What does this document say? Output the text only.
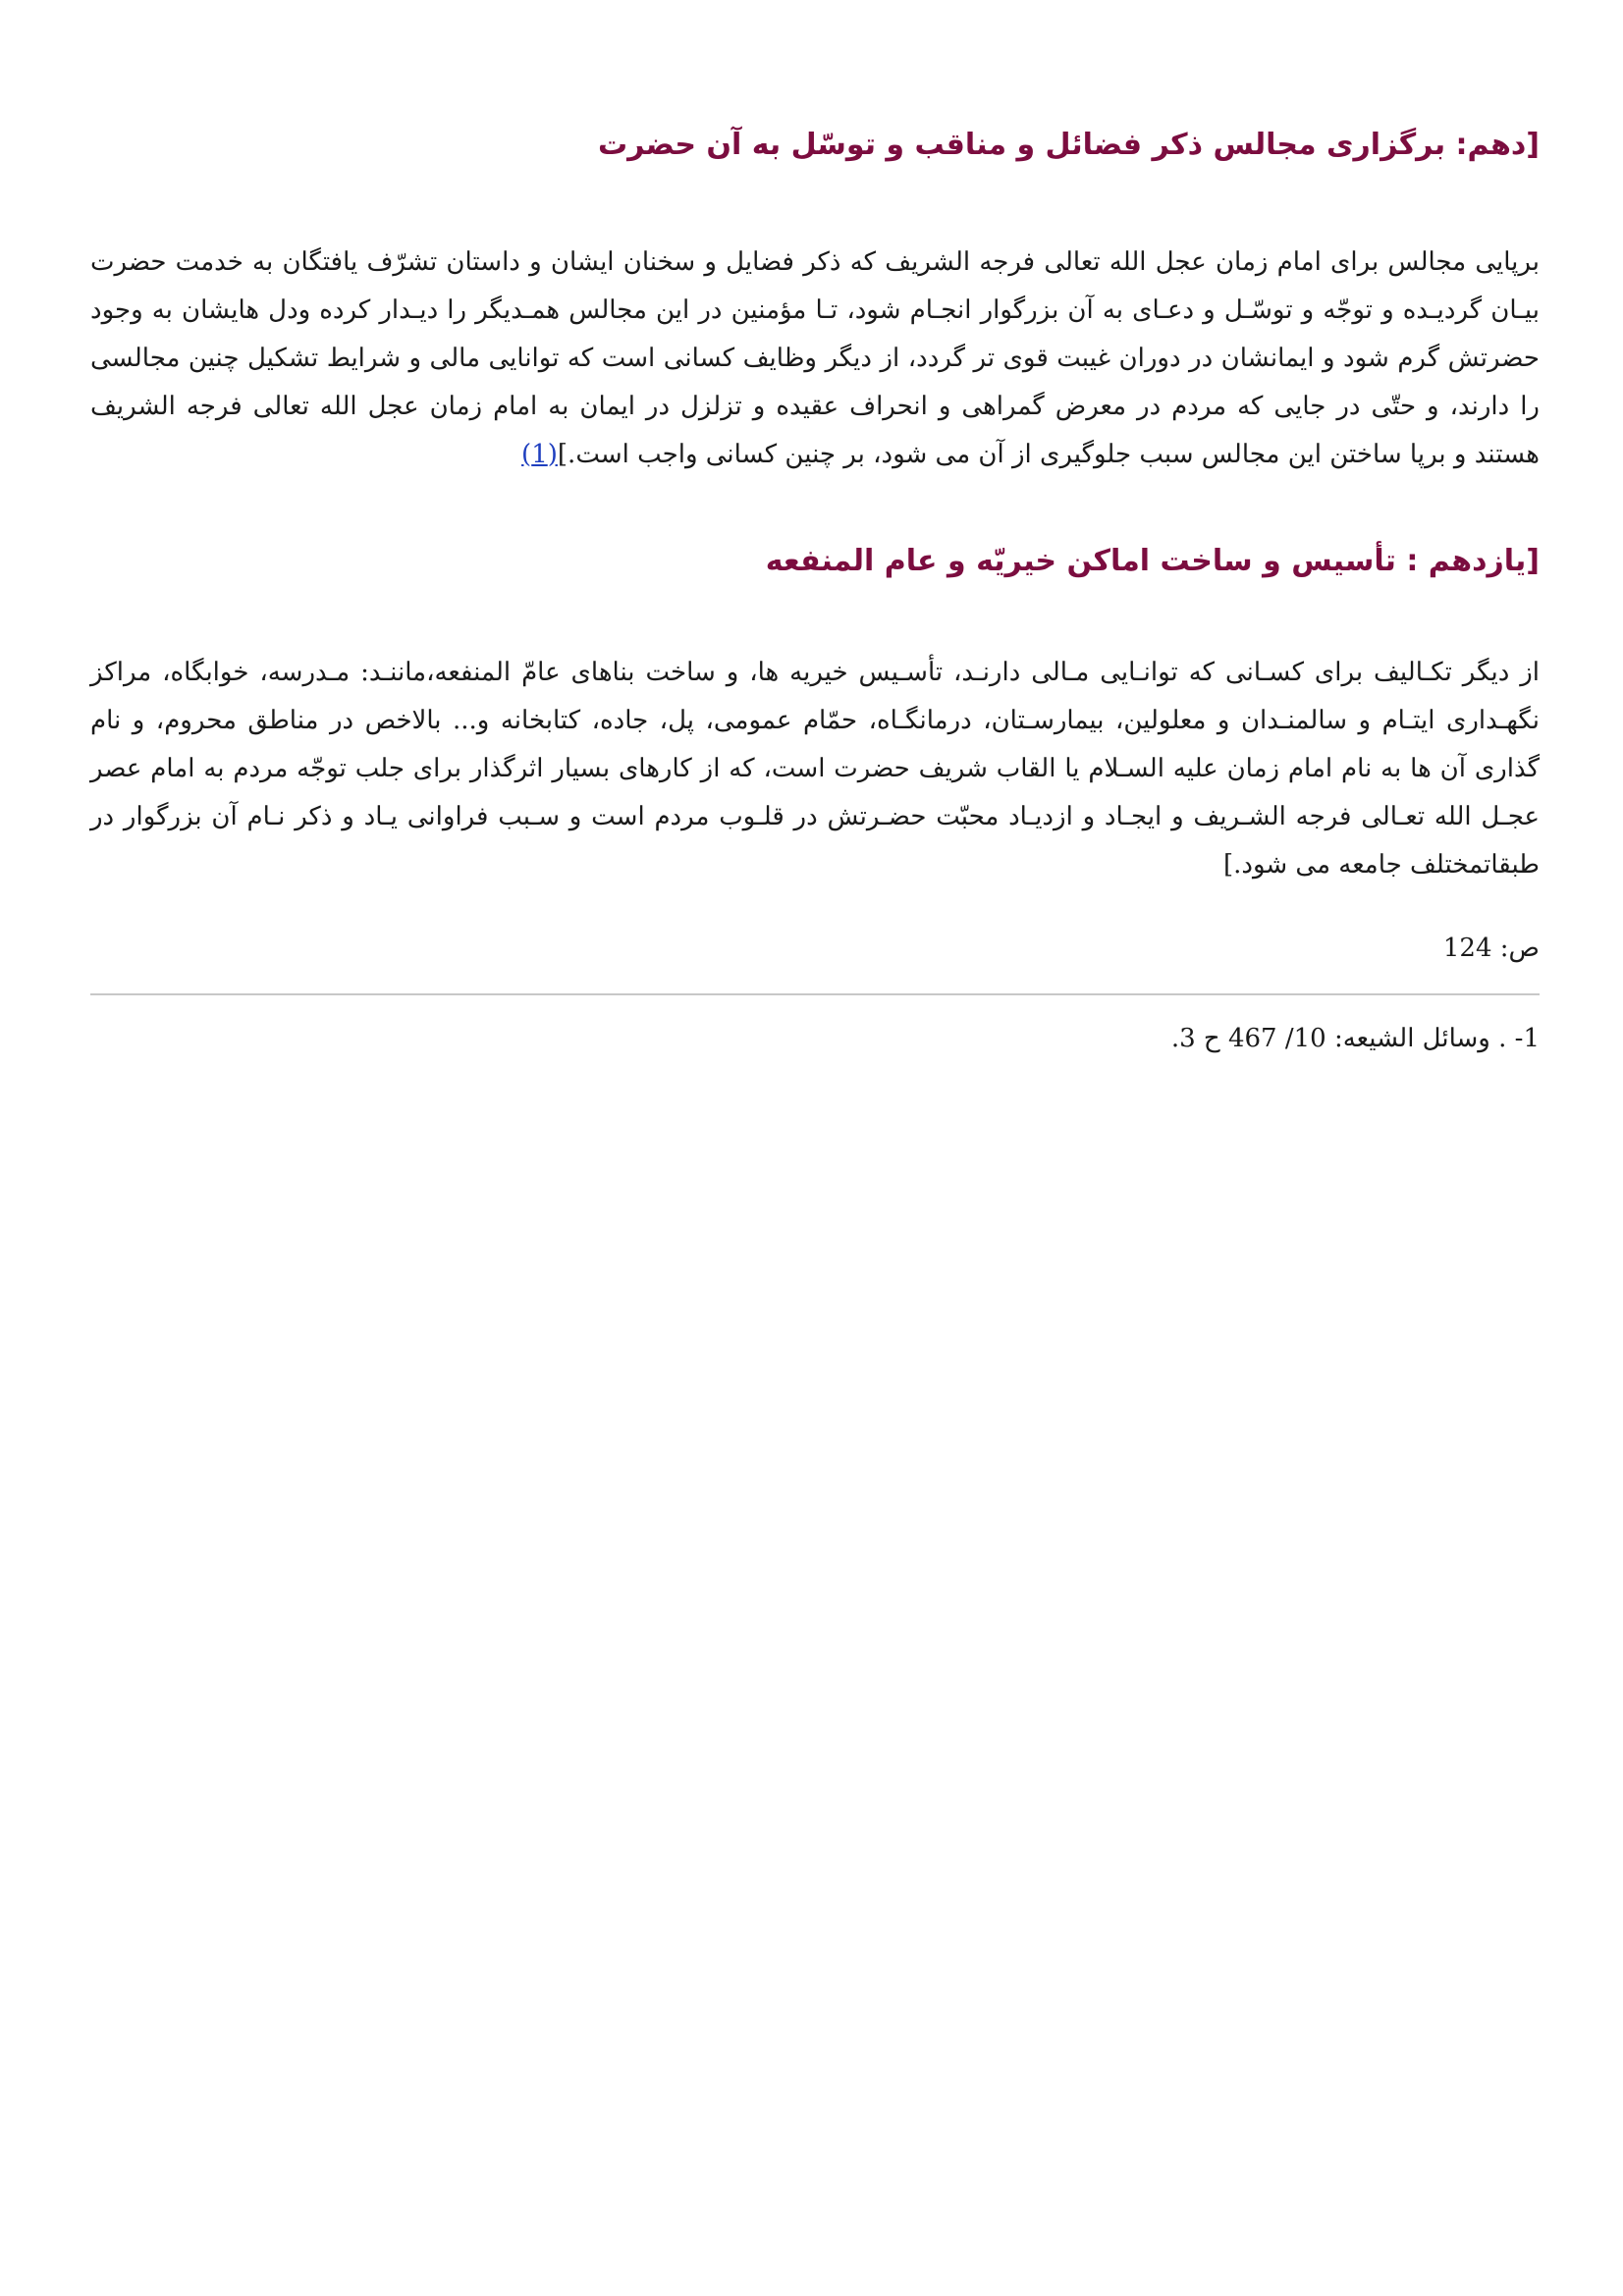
[دهم: برگزاری مجالس ذکر فضائل و مناقب و توسّل به آن حضرت

برپایی مجالس برای امام زمان عجل الله تعالی فرجه الشریف که ذکر فضایل و سخنان ایشان و داستان تشرّف یافتگان به خدمت حضرت بیـان گردیـده و توجّه و توسّـل و دعـای به آن بزرگوار انجـام شود، تـا مؤمنین در این مجالس همـدیگر را دیـدار کرده ودل هایشان به وجود حضرتش گرم شود و ایمانشان در دوران غیبت قوی تر گردد، از دیگر وظایف کسانی است که توانایی مالی و شرایط تشکیل چنین مجالسی را دارند، و حتّی در جایی که مردم در معرض گمراهی و انحراف عقیده و تزلزل در ایمان به امام زمان عجل الله تعالی فرجه الشریف هستند و برپا ساختن این مجالس سبب جلوگیری از آن می شود، بر چنین کسانی واجب است.](1)

[یازدهم : تأسیس و ساخت اماکن خیریّه و عام المنفعه

از دیگر تکـالیف برای کسـانی که توانـایی مـالی دارنـد، تأسـیس خیریه ها، و ساخت بناهای عامّ المنفعه،ماننـد: مـدرسه، خوابگاه، مراکز نگهـداری ایتـام و سالمنـدان و معلولین، بیمارسـتان، درمانگـاه، حمّام عمومی، پل، جاده، کتابخانه و... بالاخص در مناطق محروم، و نام گذاری آن ها به نام امام زمان علیه السـلام یا القاب شریف حضرت است، که از کارهای بسیار اثرگذار برای جلب توجّه مردم به امام عصر عجـل الله تعـالی فرجه الشـریف و ایجـاد و ازدیـاد محبّت حضـرتش در قلـوب مردم است و سـبب فراوانی یـاد و ذکر نـام آن بزرگوار در طبقاتمختلف جامعه می شود.]

ص: 124
1- . وسائل الشیعه: 10/ 467 ح 3.
